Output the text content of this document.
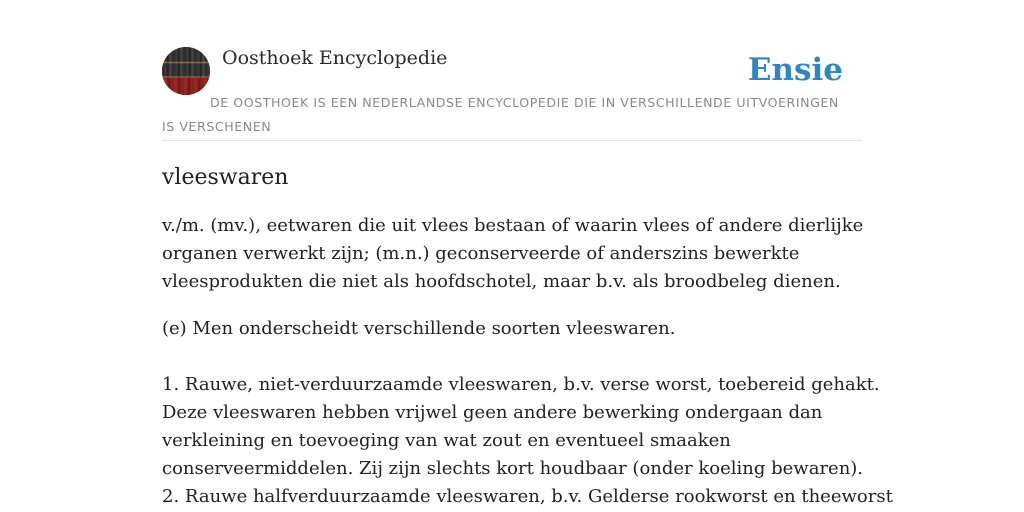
Oosthoek Encyclopedie	Ensie

DE OOSTHOEK IS EEN NEDERLANDSE ENCYCLOPEDIE DIE IN VERSCHILLENDE UITVOERINGEN IS VERSCHENEN

vleeswaren

v./m. (mv.), eetwaren die uit vlees bestaan of waarin vlees of andere dierlijke
organen verwerkt zijn; (m.n.) geconserveerde of anderszins bewerkte
vleesprodukten die niet als hoofdschotel, maar b.v. als broodbeleg dienen.

(e) Men onderscheidt verschillende soorten vleeswaren.

1. Rauwe, niet-verduurzaamde vleeswaren, b.v. verse worst, toebereid gehakt.
Deze vleeswaren hebben vrijwel geen andere bewerking ondergaan dan
verkleining en toevoeging van wat zout en eventueel smaaken
conserveermiddelen. Zij zijn slechts kort houdbaar (onder koeling bewaren).
2. Rauwe halfverduurzaamde vleeswaren, b.v. Gelderse rookworst en theeworst
